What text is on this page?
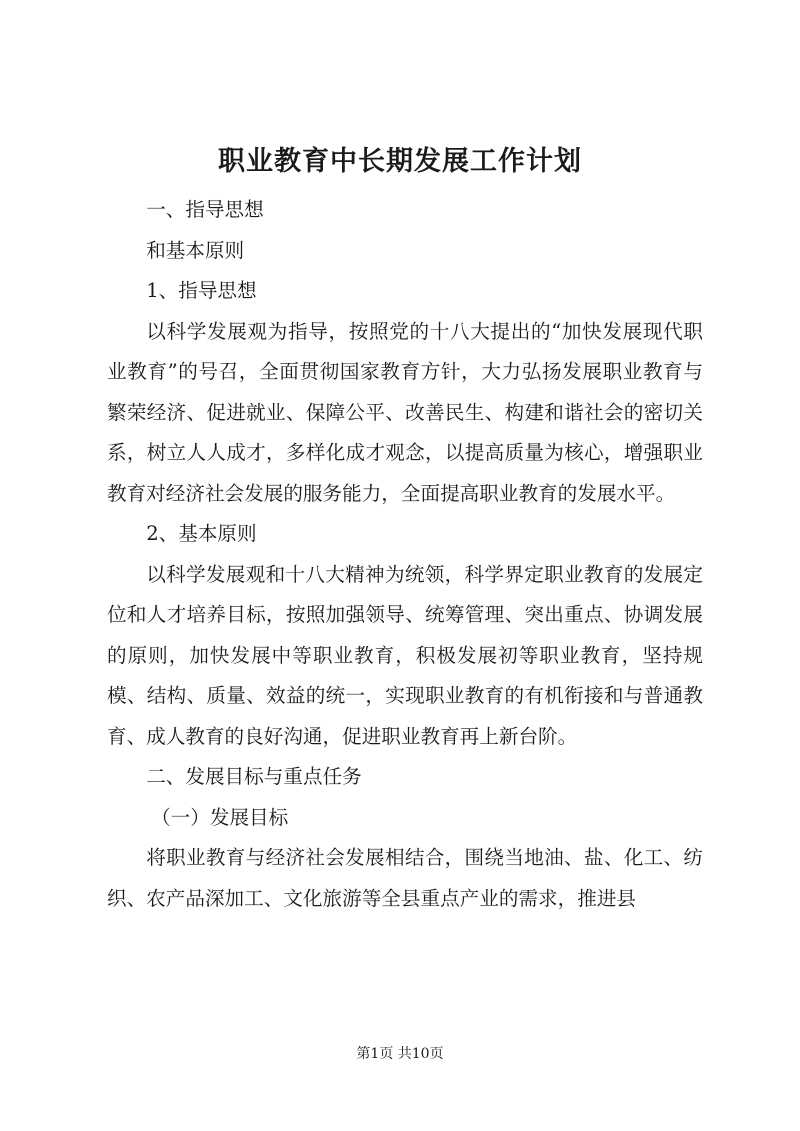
职业教育中长期发展工作计划

一、指导思想

和基本原则

1、指导思想

以科学发展观为指导，按照党的十八大提出的“加快发展现代职业教育”的号召，全面贯彻国家教育方针，大力弘扬发展职业教育与繁荣经济、促进就业、保障公平、改善民生、构建和谐社会的密切关系，树立人人成才，多样化成才观念，以提高质量为核心，增强职业教育对经济社会发展的服务能力，全面提高职业教育的发展水平。

2、基本原则

以科学发展观和十八大精神为统领，科学界定职业教育的发展定位和人才培养目标，按照加强领导、统筹管理、突出重点、协调发展的原则，加快发展中等职业教育，积极发展初等职业教育，坚持规模、结构、质量、效益的统一，实现职业教育的有机衔接和与普通教育、成人教育的良好沟通，促进职业教育再上新台阶。

二、发展目标与重点任务

（一）发展目标

将职业教育与经济社会发展相结合，围绕当地油、盐、化工、纺织、农产品深加工、文化旅游等全县重点产业的需求，推进县

第1页 共10页
